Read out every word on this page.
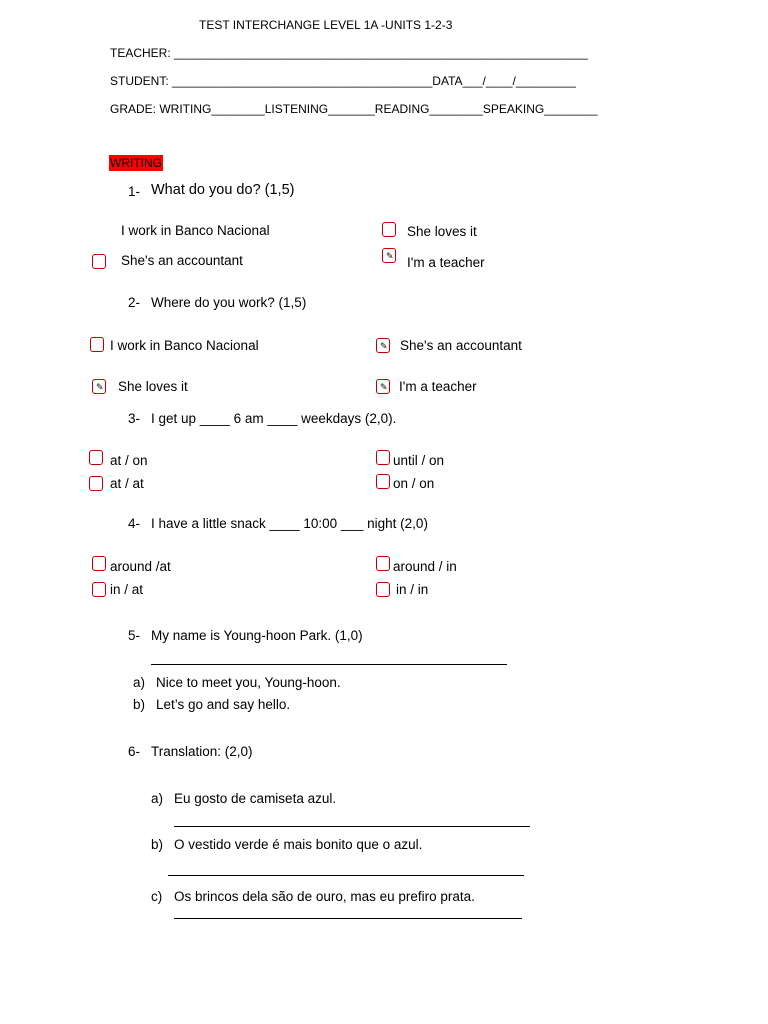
TEST INTERCHANGE LEVEL 1A -UNITS 1-2-3
TEACHER: ______________________________________________________________
STUDENT: _______________________________________DATA___/____/_________
GRADE: WRITING________LISTENING_______READING________SPEAKING________
WRITING
1- What do you do? (1,5)
I work in Banco Nacional	She loves it
She's an accountant	✎ I'm a teacher
2- Where do you work? (1,5)
I work in Banco Nacional	✎ She's an accountant
✎ She loves it	✎ I'm a teacher
3- I get up ____ 6 am ____ weekdays (2,0).
at / on	until / on
at / at	on / on
4- I have a little snack ____ 10:00 ___ night (2,0)
around /at	around / in
in / at	in / in
5- My name is Young-hoon Park. (1,0)
a) Nice to meet you, Young-hoon.
b) Let’s go and say hello.
6- Translation: (2,0)
a) Eu gosto de camiseta azul.
b) O vestido verde é mais bonito que o azul.
c) Os brincos dela são de ouro, mas eu prefiro prata.
